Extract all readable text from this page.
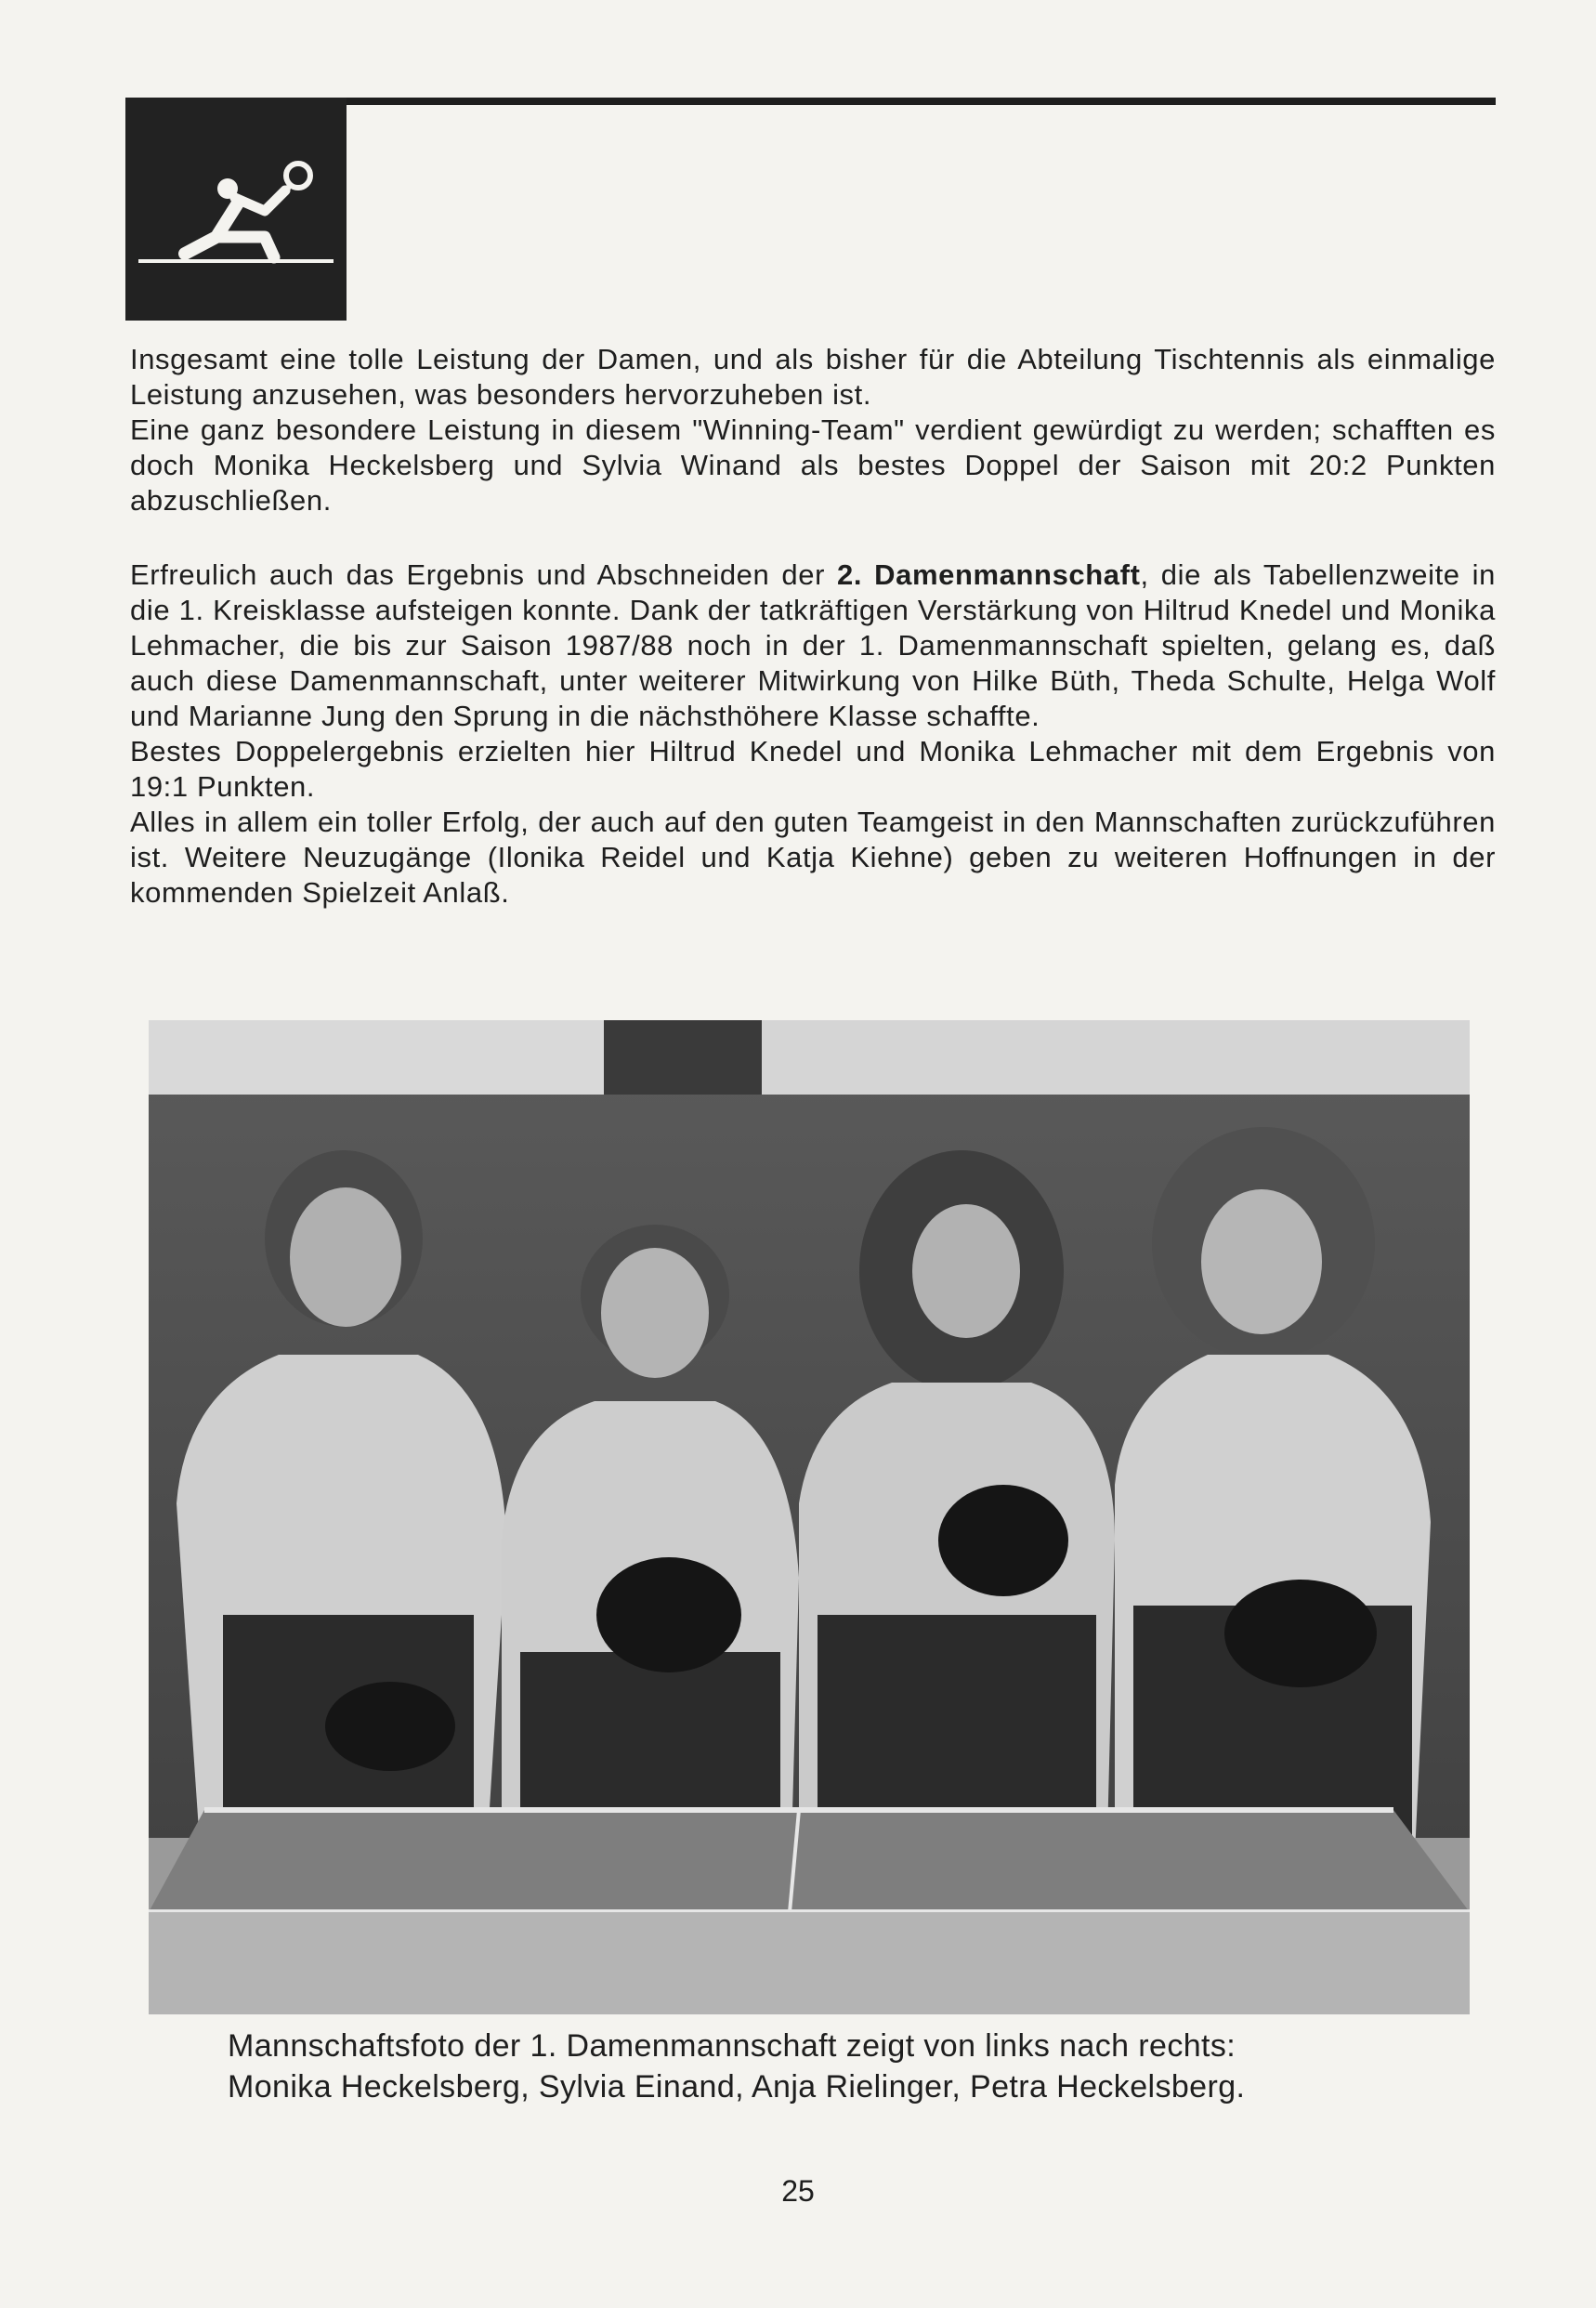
Insgesamt eine tolle Leistung der Damen, und als bisher für die Abteilung Tischtennis als einmalige Leistung anzusehen, was besonders hervorzuheben ist.

Eine ganz besondere Leistung in diesem "Winning-Team" verdient gewürdigt zu werden; schafften es doch Monika Heckelsberg und Sylvia Winand als bestes Doppel der Saison mit 20:2 Punkten abzuschließen.

Erfreulich auch das Ergebnis und Abschneiden der 2. Damenmannschaft, die als Tabellenzweite in die 1. Kreisklasse aufsteigen konnte. Dank der tatkräftigen Verstärkung von Hiltrud Knedel und Monika Lehmacher, die bis zur Saison 1987/88 noch in der 1. Damenmannschaft spielten, gelang es, daß auch diese Damenmannschaft, unter weiterer Mitwirkung von Hilke Büth, Theda Schulte, Helga Wolf und Marianne Jung den Sprung in die nächsthöhere Klasse schaffte.

Bestes Doppelergebnis erzielten hier Hiltrud Knedel und Monika Lehmacher mit dem Ergebnis von 19:1 Punkten.

Alles in allem ein toller Erfolg, der auch auf den guten Teamgeist in den Mannschaften zurückzuführen ist. Weitere Neuzugänge (Ilonika Reidel und Katja Kiehne) geben zu weiteren Hoffnungen in der kommenden Spielzeit Anlaß.

Mannschaftsfoto der 1. Damenmannschaft zeigt von links nach rechts:

Monika Heckelsberg, Sylvia Einand, Anja Rielinger, Petra Heckelsberg.

25
